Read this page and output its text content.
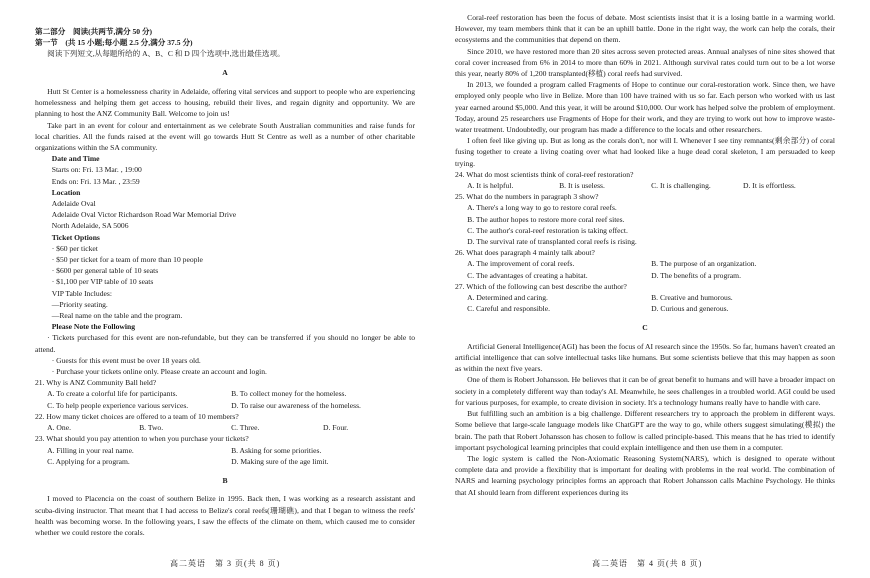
第二部分　阅读(共两节,满分 50 分)

第一节　(共 15 小题;每小题 2.5 分,满分 37.5 分)

阅读下列短文,从每题所给的 A、B、C 和 D 四个选项中,选出最佳选项。

A

Hutt St Center is a homelessness charity in Adelaide, offering vital services and support to people who are experiencing homelessness and helping them get access to housing, rebuild their lives, and regain dignity and opportunity. We are planning to host the ANZ Community Ball. Welcome to join us!

Take part in an event for colour and entertainment as we celebrate South Australian communities and raise funds for local charities. All the funds raised at the event will go towards Hutt St Centre as well as a number of other charitable organizations within the SA community.

Date and Time

Starts on: Fri. 13 Mar. , 19:00

Ends on: Fri. 13 Mar. , 23:59

Location

Adelaide Oval

Adelaide Oval Victor Richardson Road War Memorial Drive

North Adelaide, SA 5006

Ticket Options

· $60 per ticket

· $50 per ticket for a team of more than 10 people

· $600 per general table of 10 seats

· $1,100 per VIP table of 10 seats

VIP Table Includes:

—Priority seating.

—Real name on the table and the program.

Please Note the Following

· Tickets purchased for this event are non-refundable, but they can be transferred if you should no longer be able to attend.

· Guests for this event must be over 18 years old.

· Purchase your tickets online only. Please create an account and login.

21. Why is ANZ Community Ball held?

A. To create a colorful life for participants.	B. To collect money for the homeless.
C. To help people experience various services.	D. To raise our awareness of the homeless.

22. How many ticket choices are offered to a team of 10 members?

A. One.	B. Two.	C. Three.	D. Four.

23. What should you pay attention to when you purchase your tickets?

A. Filling in your real name.	B. Asking for some priorities.
C. Applying for a program.	D. Making sure of the age limit.

B

I moved to Placencia on the coast of southern Belize in 1995. Back then, I was working as a research assistant and scuba-diving instructor. That meant that I had access to Belize's coral reefs(珊瑚礁), and that I began to witness the reefs' health was becoming worse. In the following years, I saw the effects of the climate on them, which caused me to consider whether we could restore the corals.

高二英语　第 3 页(共 8 页)

Coral-reef restoration has been the focus of debate. Most scientists insist that it is a losing battle in a warming world. However, my team members think that it can be an uphill battle. Done in the right way, the work can help the corals, their ecosystems and the communities that depend on them.

Since 2010, we have restored more than 20 sites across seven protected areas. Annual analyses of nine sites showed that coral cover increased from 6% in 2014 to more than 60% in 2021. Although survival rates could turn out to be a lot worse this year, nearly 80% of 1,200 transplanted(移植) coral reefs had survived.

In 2013, we founded a program called Fragments of Hope to continue our coral-restoration work. Since then, we have employed only people who live in Belize. More than 100 have trained with us so far. Each person who worked with us last year earned around $5,000. And this year, it will be around $10,000. Our work has helped solve the problem of employment. Today, around 25 researchers use Fragments of Hope for their work, and they are trying to work out how to improve waste-water treatment. Undoubtedly, our program has made a difference to the locals and other researchers.

I often feel like giving up. But as long as the corals don't, nor will I. Whenever I see tiny remnants(剩余部分) of coral fusing together to create a living coating over what had looked like a huge dead coral skeleton, I am persuaded to keep trying.

24. What do most scientists think of coral-reef restoration?

A. It is helpful.	B. It is useless.	C. It is challenging.	D. It is effortless.

25. What do the numbers in paragraph 3 show?

A. There's a long way to go to restore coral reefs.

B. The author hopes to restore more coral reef sites.

C. The author's coral-reef restoration is taking effect.

D. The survival rate of transplanted coral reefs is rising.

26. What does paragraph 4 mainly talk about?

A. The improvement of coral reefs.	B. The purpose of an organization.
C. The advantages of creating a habitat.	D. The benefits of a program.

27. Which of the following can best describe the author?

A. Determined and caring.	B. Creative and humorous.
C. Careful and responsible.	D. Curious and generous.

C

Artificial General Intelligence(AGI) has been the focus of AI research since the 1950s. So far, humans haven't created an artificial intelligence that can solve intellectual tasks like humans. But some scientists believe that this may happen as soon as within the next five years.

One of them is Robert Johansson. He believes that it can be of great benefit to humans and will have a broader impact on society in a completely different way than today's AI. Meanwhile, he sees challenges in a troubled world. AGI could be used for various purposes, for example, to create division in society. It's a technology humans really have to handle with care.

But fulfilling such an ambition is a big challenge. Different researchers try to approach the problem in different ways. Some believe that large-scale language models like ChatGPT are the way to go, while others suggest simulating(模拟) the brain. The path that Robert Johansson has chosen to follow is called principle-based. This means that he has tried to identify important psychological learning principles that could explain intelligence and then use them in a computer.

The logic system is called the Non-Axiomatic Reasoning System(NARS), which is designed to operate without complete data and provide a flexibility that is important for dealing with problems in the real world. The combination of NARS and learning psychology principles forms an approach that Robert Johansson calls Machine Psychology. He thinks that AI should learn from different experiences during its

高二英语　第 4 页(共 8 页)
